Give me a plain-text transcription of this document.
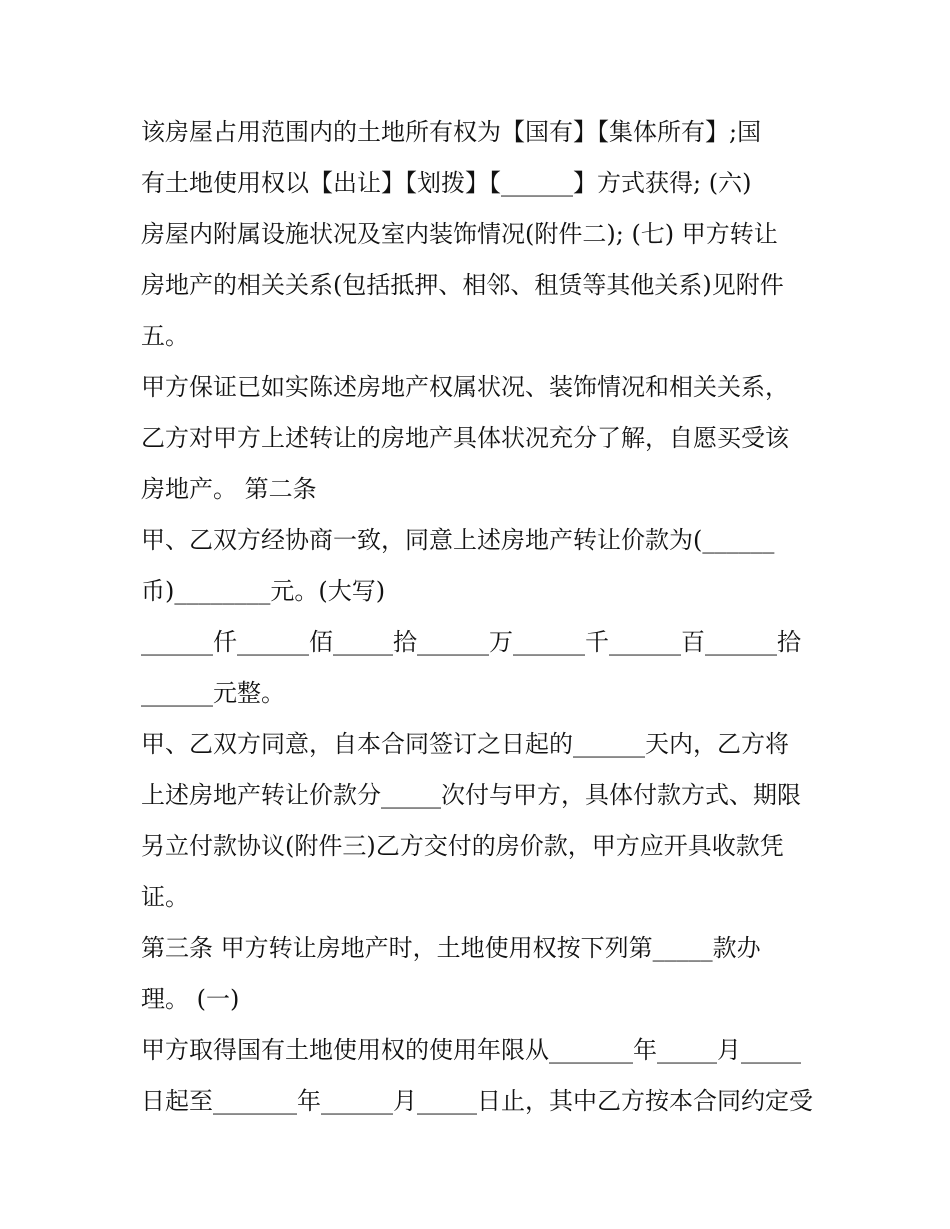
该房屋占用范围内的土地所有权为【国有】【集体所有】;国
有土地使用权以【出让】【划拨】【______】方式获得; (六)
房屋内附属设施状况及室内装饰情况(附件二); (七) 甲方转让
房地产的相关关系(包括抵押、相邻、租赁等其他关系)见附件
五。
甲方保证已如实陈述房地产权属状况、装饰情况和相关关系，
乙方对甲方上述转让的房地产具体状况充分了解，自愿买受该
房地产。 第二条
甲、乙双方经协商一致，同意上述房地产转让价款为(______
币)________元。(大写)
______仟______佰_____拾______万______千______百______拾
______元整。
甲、乙双方同意，自本合同签订之日起的______天内，乙方将
上述房地产转让价款分_____次付与甲方，具体付款方式、期限
另立付款协议(附件三)乙方交付的房价款，甲方应开具收款凭
证。
第三条 甲方转让房地产时，土地使用权按下列第_____款办
理。 (一)
甲方取得国有土地使用权的使用年限从_______年_____月_____
日起至_______年______月_____日止，其中乙方按本合同约定受
